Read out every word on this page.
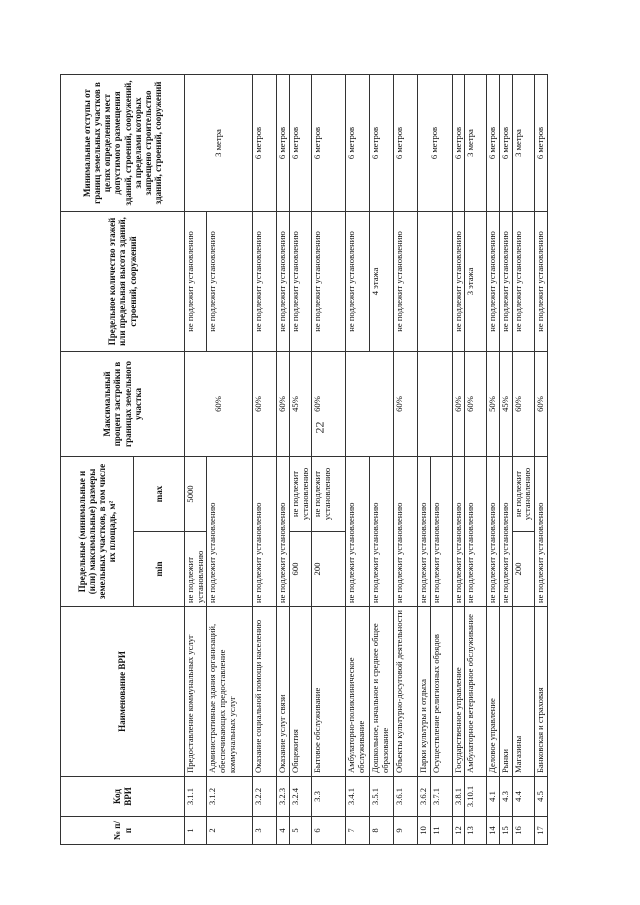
22
№ п/п	Код ВРИ	Наименование ВРИ	Предельные (минимальные и (или) максимальные) размеры земельных участков, в том числе их площадь, м²		Максимальный процент застройки в границах земельного участка	Предельное количество этажей или предельная высота зданий, строений, сооружений	Минимальные отступы от границ земельных участков в целях определения мест допустимого размещения зданий, строений, сооружений, за пределами которых запрещено строительство зданий, строений, сооружений
			min	max			
1	3.1.1	Предоставление коммунальных услуг	не подлежит установлению	5000	60%	не подлежит установлению	3 метра
2	3.1.2	Административные здания организаций, обеспечивающих предоставление коммунальных услуг	не подлежит установлению			не подлежит установлению	
3	3.2.2	Оказание социальной помощи населению	не подлежит установлению		60%	не подлежит установлению	6 метров
4	3.2.3	Оказание услуг связи	не подлежит установлению		60%	не подлежит установлению	6 метров
5	3.2.4	Общежития	600	не подлежит установлению	45%	не подлежит установлению	6 метров
6	3.3	Бытовое обслуживание	200	не подлежит установлению	60%	не подлежит установлению	6 метров
7	3.4.1	Амбулаторно-поликлиническое обслуживание	не подлежит установлению			не подлежит установлению	6 метров
8	3.5.1	Дошкольное, начальное и среднее общее образование	не подлежит установлению			4 этажа	6 метров
9	3.6.1	Объекты культурно-досуговой деятельности	не подлежит установлению		60%	не подлежит установлению	6 метров
10	3.6.2	Парки культуры и отдыха	не подлежит установлению				6 метров
11	3.7.1	Осуществление религиозных обрядов	не подлежит установлению				
12	3.8.1	Государственное управление	не подлежит установлению		60%	не подлежит установлению	6 метров
13	3.10.1	Амбулаторное ветеринарное обслуживание	не подлежит установлению		60%	3 этажа	3 метра
14	4.1	Деловое управление	не подлежит установлению		50%	не подлежит установлению	6 метров
15	4.3	Рынки	не подлежит установлению		45%	не подлежит установлению	6 метров
16	4.4	Магазины	200	не подлежит установлению	60%	не подлежит установлению	3 метра
17	4.5	Банковская и страховая	не подлежит установлению		60%	не подлежит установлению	6 метров
